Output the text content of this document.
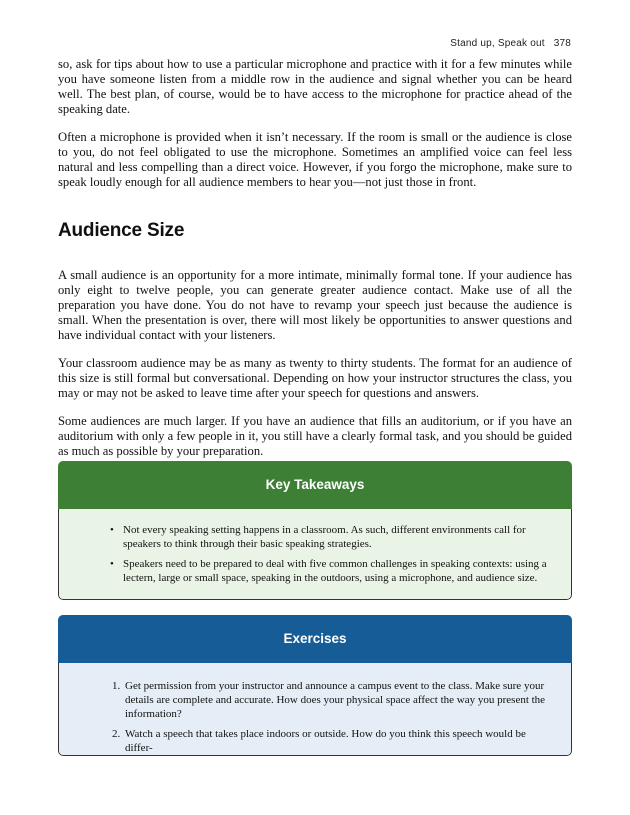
Stand up, Speak out 378

so, ask for tips about how to use a particular microphone and practice with it for a few minutes while you have someone listen from a middle row in the audience and signal whether you can be heard well. The best plan, of course, would be to have access to the microphone for practice ahead of the speaking date.

Often a microphone is provided when it isn’t necessary. If the room is small or the audience is close to you, do not feel obligated to use the microphone. Sometimes an amplified voice can feel less natural and less compelling than a direct voice. However, if you forgo the microphone, make sure to speak loudly enough for all audience members to hear you—not just those in front.

Audience Size

A small audience is an opportunity for a more intimate, minimally formal tone. If your audience has only eight to twelve people, you can generate greater audience contact. Make use of all the preparation you have done. You do not have to revamp your speech just because the audience is small. When the presentation is over, there will most likely be opportunities to answer questions and have individual contact with your listeners.

Your classroom audience may be as many as twenty to thirty students. The format for an audience of this size is still formal but conversational. Depending on how your instructor structures the class, you may or may not be asked to leave time after your speech for questions and answers.

Some audiences are much larger. If you have an audience that fills an auditorium, or if you have an auditorium with only a few people in it, you still have a clearly formal task, and you should be guided as much as possible by your preparation.

Key Takeaways
• Not every speaking setting happens in a classroom. As such, different environments call for speakers to think through their basic speaking strategies.
• Speakers need to be prepared to deal with five common challenges in speaking contexts: using a lectern, large or small space, speaking in the outdoors, using a microphone, and audience size.
Exercises
1. Get permission from your instructor and announce a campus event to the class. Make sure your details are complete and accurate. How does your physical space affect the way you present the information?
2. Watch a speech that takes place indoors or outside. How do you think this speech would be differ-
